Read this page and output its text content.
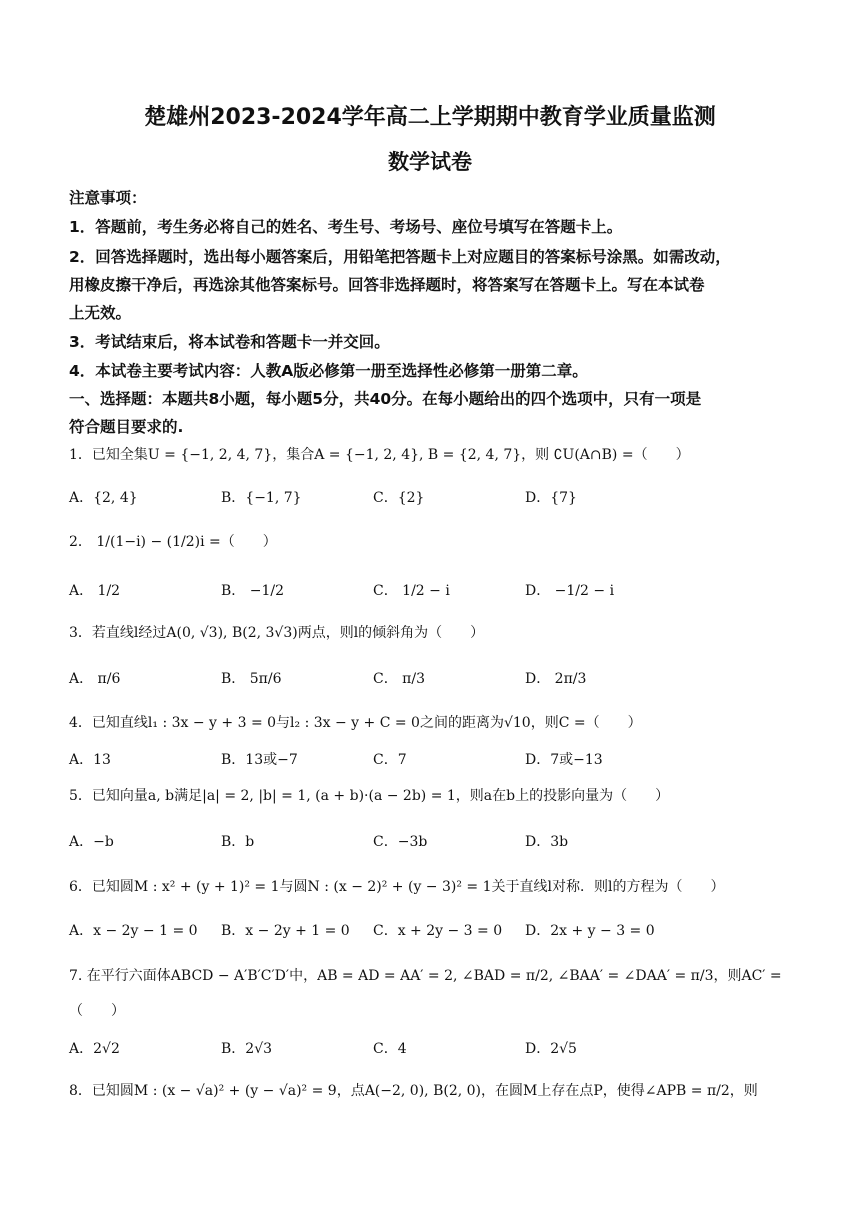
楚雄州2023-2024学年高二上学期期中教育学业质量监测
数学试卷
注意事项：
1．答题前，考生务必将自己的姓名、考生号、考场号、座位号填写在答题卡上。
2．回答选择题时，选出每小题答案后，用铅笔把答题卡上对应题目的答案标号涂黑。如需改动，
用橡皮擦干净后，再选涂其他答案标号。回答非选择题时，将答案写在答题卡上。写在本试卷
上无效。
3．考试结束后，将本试卷和答题卡一并交回。
4．本试卷主要考试内容：人教A版必修第一册至选择性必修第一册第二章。
一、选择题：本题共8小题，每小题5分，共40分。在每小题给出的四个选项中，只有一项是
符合题目要求的.
1．已知全集U = {−1, 2, 4, 7}，集合A = {−1, 2, 4}, B = {2, 4, 7}，则 ∁U(A∩B) =（　　）
A．{2, 4}	B．{−1, 7}	C．{2}	D．{7}
2． 1/(1−i) − (1/2)i =（　　）
A． 1/2	B． −1/2	C． 1/2 − i	D． −1/2 − i
3．若直线l经过A(0, √3), B(2, 3√3)两点，则l的倾斜角为（　　）
A． π/6	B． 5π/6	C． π/3	D． 2π/3
4．已知直线l₁ : 3x − y + 3 = 0与l₂ : 3x − y + C = 0之间的距离为√10，则C =（　　）
A．13	B．13或−7	C．7	D．7或−13
5．已知向量a, b满足|a| = 2, |b| = 1, (a + b)·(a − 2b) = 1，则a在b上的投影向量为（　　）
A．−b	B．b	C．−3b	D．3b
6．已知圆M : x² + (y + 1)² = 1与圆N : (x − 2)² + (y − 3)² = 1关于直线l对称．则l的方程为（　　）
A．x − 2y − 1 = 0 B．x − 2y + 1 = 0 C．x + 2y − 3 = 0 D．2x + y − 3 = 0
7. 在平行六面体ABCD − A′B′C′D′中，AB = AD = AA′ = 2, ∠BAD = π/2, ∠BAA′ = ∠DAA′ = π/3，则AC′ =
（　　）
A．2√2	B．2√3	C．4	D．2√5
8．已知圆M : (x − √a)² + (y − √a)² = 9，点A(−2, 0), B(2, 0)，在圆M上存在点P，使得∠APB = π/2，则
